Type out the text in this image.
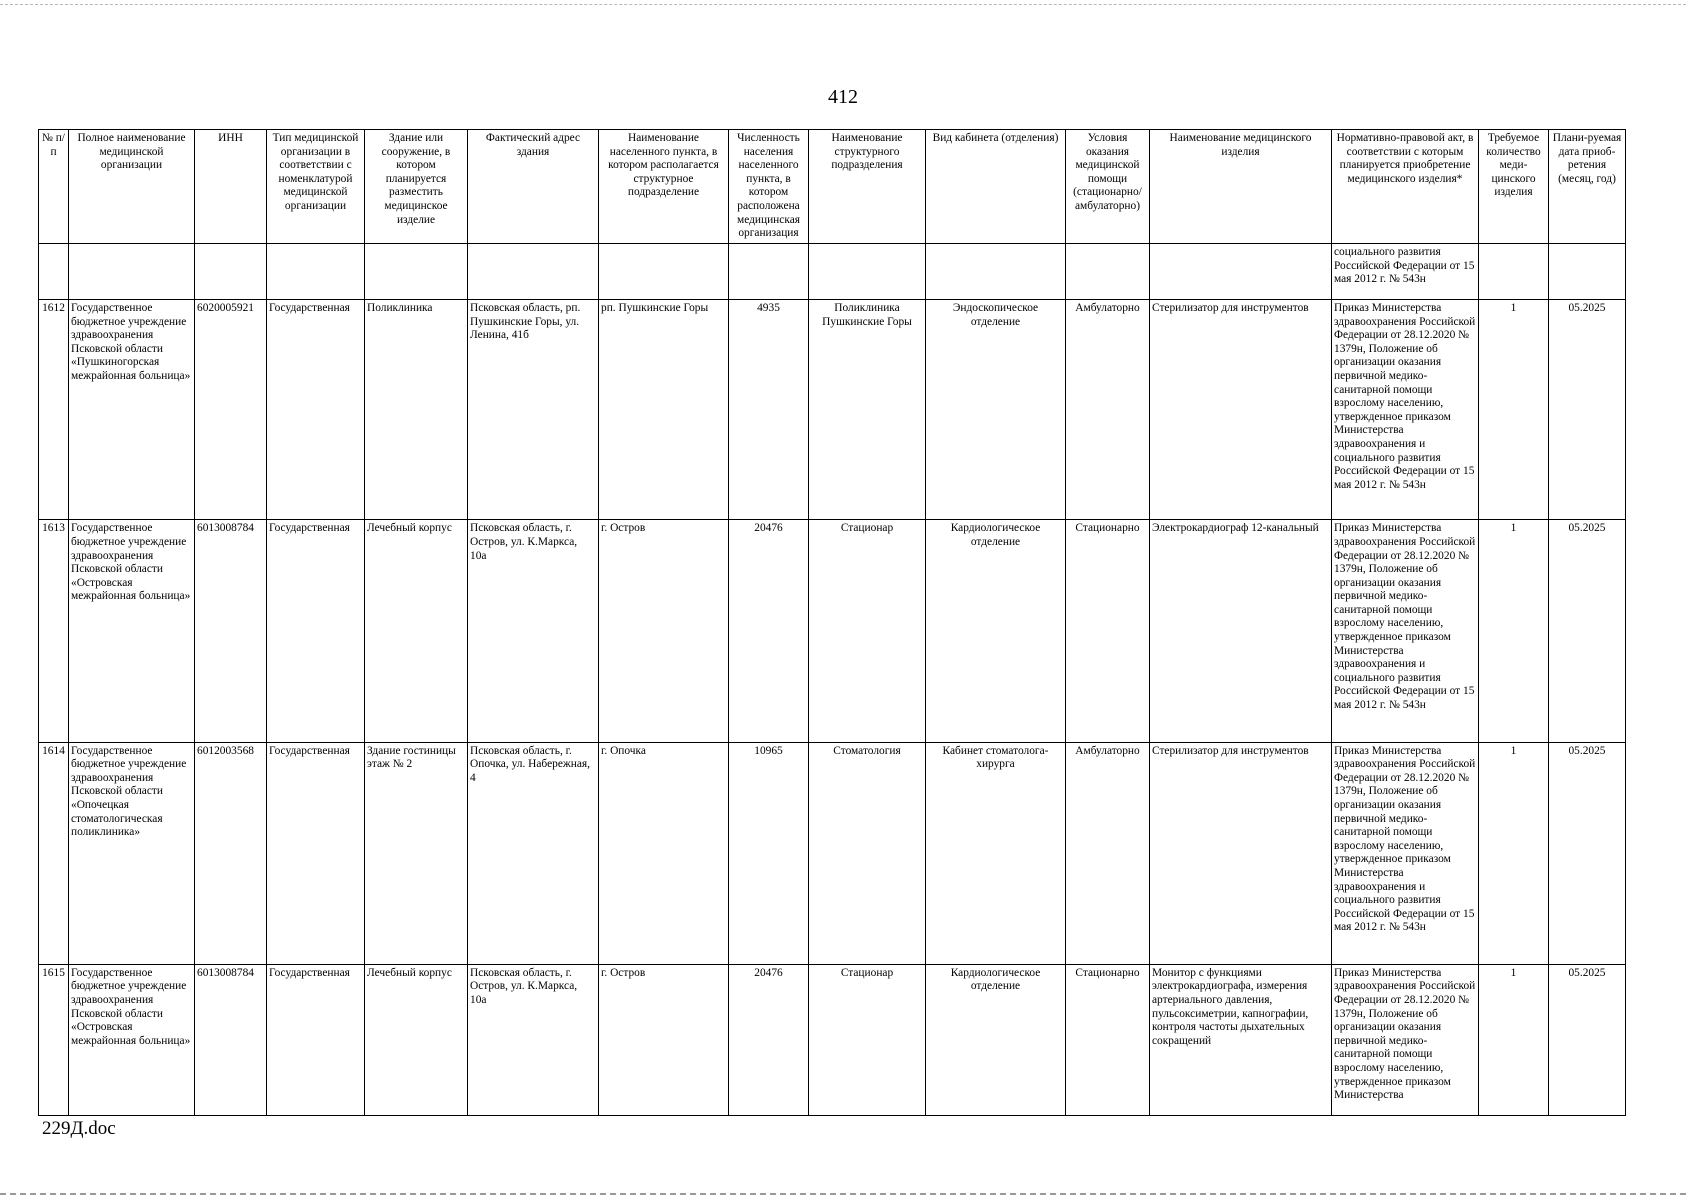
412
№ п/п	Полное наименование медицинской организации	ИНН	Тип медицинской организации в соответствии с номенклатурой медицинской организации	Здание или сооружение, в котором планируется разместить медицинское изделие	Фактический адрес здания	Наименование населенного пункта, в котором располагается структурное подразделение	Численность населения населенного пункта, в котором расположена медицинская организация	Наименование структурного подразделения	Вид кабинета (отделения)	Условия оказания медицинской помощи (стационарно/ амбулаторно)	Наименование медицинского изделия	Нормативно-правовой акт, в соответствии с которым планируется приобретение медицинского изделия*	Требуемое количество меди-цинского изделия	Плани-руемая дата приоб-ретения (месяц, год)
												социального развития Российской Федерации от 15 мая 2012 г. № 543н		
1612	Государственное бюджетное учреждение здравоохранения Псковской области «Пушкиногорская межрайонная больница»	6020005921	Государственная	Поликлиника	Псковская область, рп. Пушкинские Горы, ул. Ленина, 41б	рп. Пушкинские Горы	4935	Поликлиника Пушкинские Горы	Эндоскопическое отделение	Амбулаторно	Стерилизатор для инструментов	Приказ Министерства здравоохранения Российской Федерации от 28.12.2020 № 1379н, Положение об организации оказания первичной медико-санитарной помощи взрослому населению, утвержденное приказом Министерства здравоохранения и социального развития Российской Федерации от 15 мая 2012 г. № 543н	1	05.2025
1613	Государственное бюджетное учреждение здравоохранения Псковской области «Островская межрайонная больница»	6013008784	Государственная	Лечебный корпус	Псковская область, г. Остров, ул. К.Маркса, 10а	г. Остров	20476	Стационар	Кардиологическое отделение	Стационарно	Электрокардиограф 12-канальный	Приказ Министерства здравоохранения Российской Федерации от 28.12.2020 № 1379н, Положение об организации оказания первичной медико-санитарной помощи взрослому населению, утвержденное приказом Министерства здравоохранения и социального развития Российской Федерации от 15 мая 2012 г. № 543н	1	05.2025
1614	Государственное бюджетное учреждение здравоохранения Псковской области «Опочецкая стоматологическая поликлиника»	6012003568	Государственная	Здание гостиницы этаж № 2	Псковская область, г. Опочка, ул. Набережная, 4	г. Опочка	10965	Стоматология	Кабинет стоматолога-хирурга	Амбулаторно	Стерилизатор для инструментов	Приказ Министерства здравоохранения Российской Федерации от 28.12.2020 № 1379н, Положение об организации оказания первичной медико-санитарной помощи взрослому населению, утвержденное приказом Министерства здравоохранения и социального развития Российской Федерации от 15 мая 2012 г. № 543н	1	05.2025
1615	Государственное бюджетное учреждение здравоохранения Псковской области «Островская межрайонная больница»	6013008784	Государственная	Лечебный корпус	Псковская область, г. Остров, ул. К.Маркса, 10а	г. Остров	20476	Стационар	Кардиологическое отделение	Стационарно	Монитор с функциями электрокардиографа, измерения артериального давления, пульсоксиметрии, капнографии, контроля частоты дыхательных сокращений	Приказ Министерства здравоохранения Российской Федерации от 28.12.2020 № 1379н, Положение об организации оказания первичной медико-санитарной помощи взрослому населению, утвержденное приказом Министерства	1	05.2025
229Д.doc
